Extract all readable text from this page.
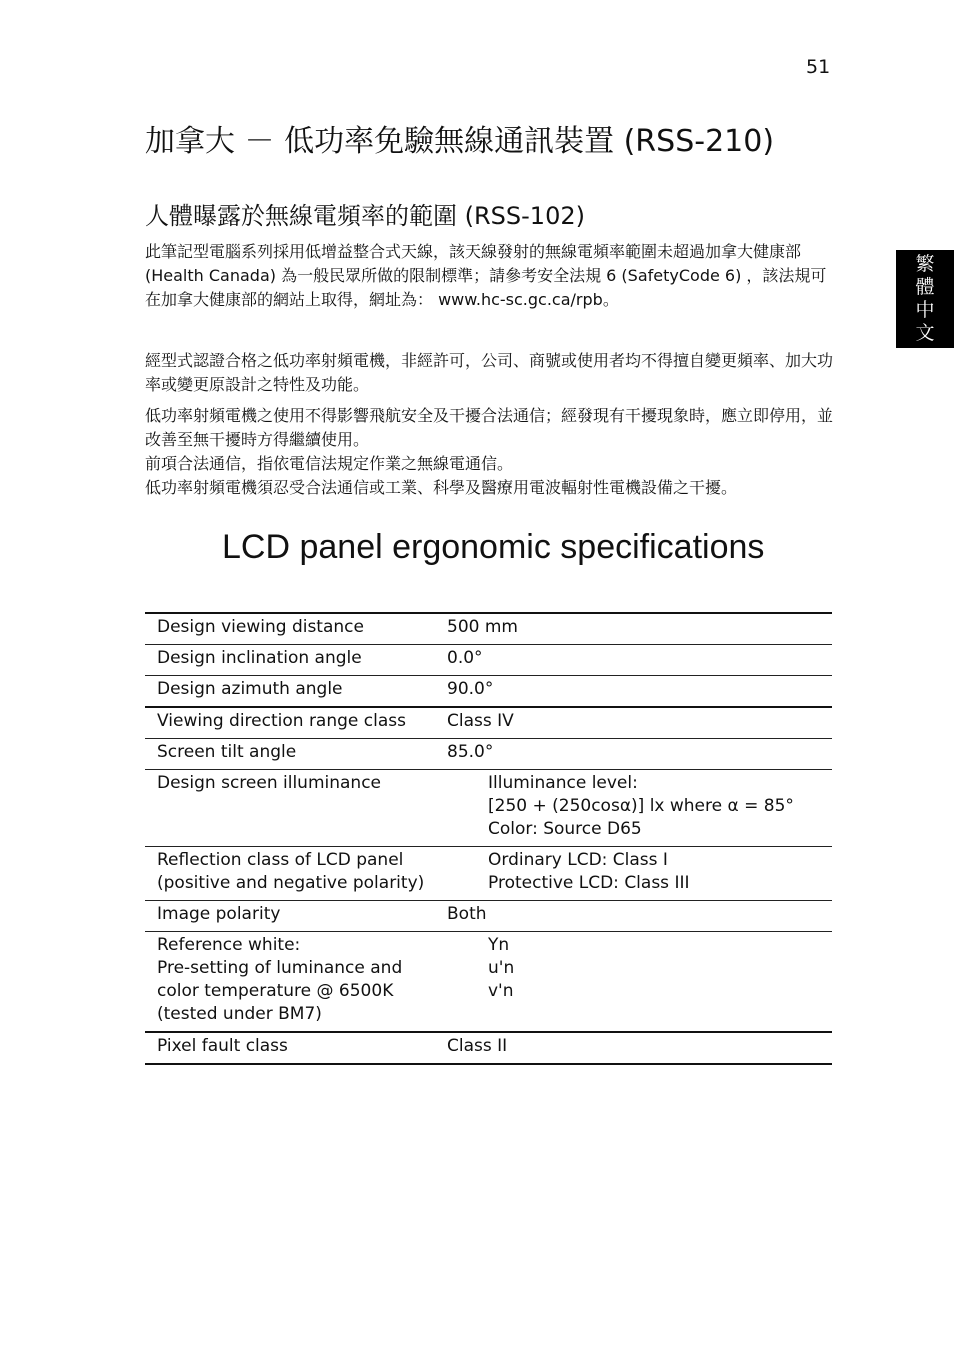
51
繁
體
中
文
加拿大 － 低功率免驗無線通訊裝置 (RSS-210)
人體曝露於無線電頻率的範圍 (RSS-102)

此筆記型電腦系列採用低增益整合式天線，該天線發射的無線電頻率範圍未超過加拿大健康部 (Health Canada) 為一般民眾所做的限制標準；請參考安全法規 6 (SafetyCode 6) ，該法規可在加拿大健康部的網站上取得，網址為： www.hc-sc.gc.ca/rpb。

經型式認證合格之低功率射頻電機，非經許可，公司、商號或使用者均不得擅自變更頻率、加大功率或變更原設計之特性及功能。

低功率射頻電機之使用不得影響飛航安全及干擾合法通信；經發現有干擾現象時，應立即停用，並改善至無干擾時方得繼續使用。

前項合法通信，指依電信法規定作業之無線電通信。

低功率射頻電機須忍受合法通信或工業、科學及醫療用電波輻射性電機設備之干擾。

LCD panel ergonomic specifications
Design viewing distance	500 mm

Design inclination angle	0.0°

Design azimuth angle	90.0°

Viewing direction range class	Class IV

Screen tilt angle	85.0°

Design screen illuminance	Illuminance level:
[250 + (250cosα)] lx where α = 85°
Color: Source D65

Reflection class of LCD panel
(positive and negative polarity)	Ordinary LCD: Class I
Protective LCD: Class III

Image polarity	Both

Reference white:
Pre-setting of luminance and
color temperature @ 6500K
(tested under BM7)	Yn
u'n
v'n

Pixel fault class	Class II
